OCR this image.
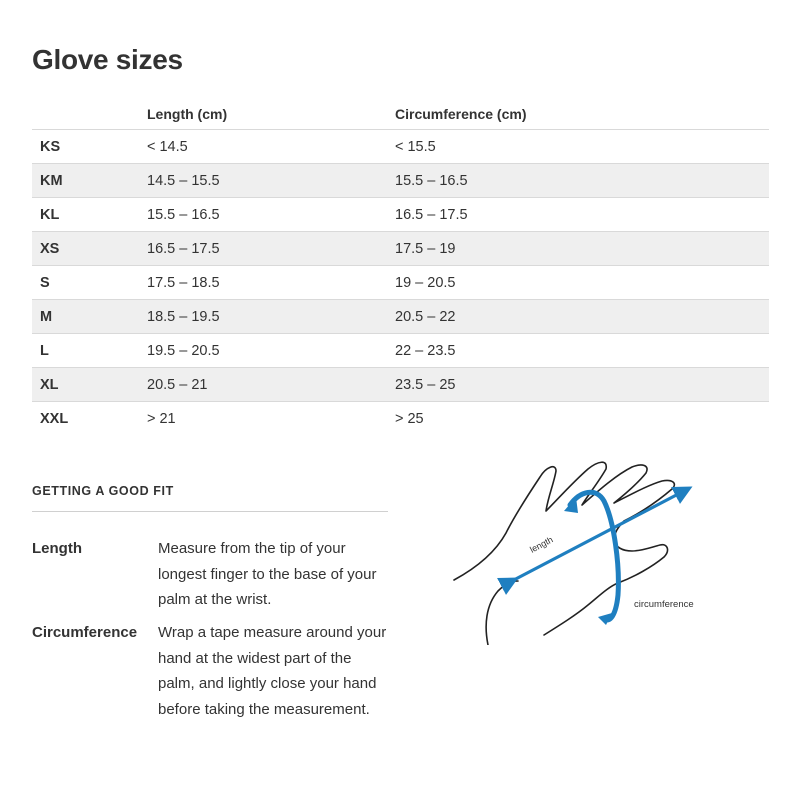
Glove sizes
	Length (cm)	Circumference (cm)
KS	< 14.5	< 15.5
KM	14.5 – 15.5	15.5 – 16.5
KL	15.5 – 16.5	16.5 – 17.5
XS	16.5 – 17.5	17.5 – 19
S	17.5 – 18.5	19 – 20.5
M	18.5 – 19.5	20.5 – 22
L	19.5 – 20.5	22 – 23.5
XL	20.5 – 21	23.5 – 25
XXL	> 21	> 25
GETTING A GOOD FIT
Length	Measure from the tip of your longest finger to the base of your palm at the wrist.
Circumference	Wrap a tape measure around your hand at the widest part of the palm, and lightly close your hand before taking the measurement.
length
circumference
